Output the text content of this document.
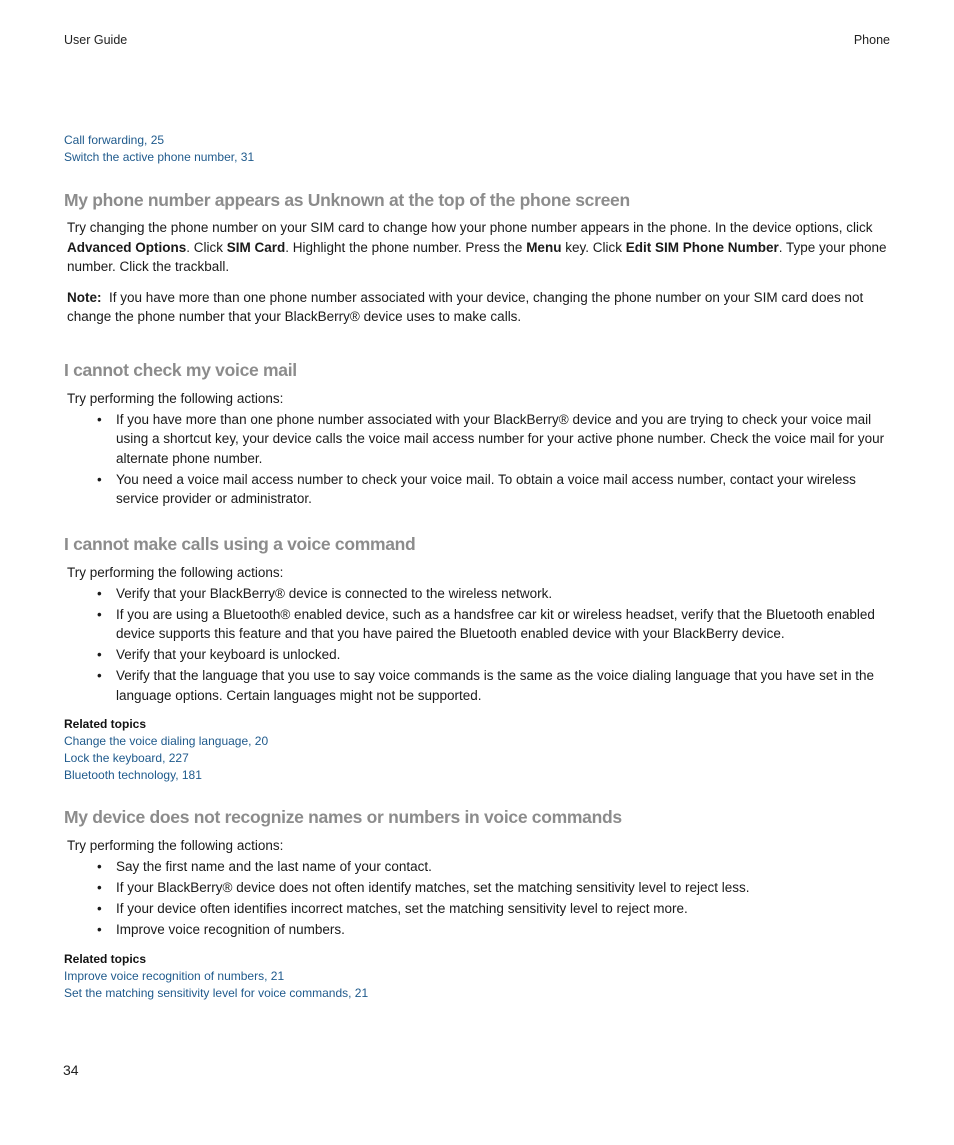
User Guide	Phone
Call forwarding, 25
Switch the active phone number, 31
My phone number appears as Unknown at the top of the phone screen

Try changing the phone number on your SIM card to change how your phone number appears in the phone. In the device options, click Advanced Options. Click SIM Card. Highlight the phone number. Press the Menu key. Click Edit SIM Phone Number. Type your phone number. Click the trackball.

Note:  If you have more than one phone number associated with your device, changing the phone number on your SIM card does not change the phone number that your BlackBerry® device uses to make calls.

I cannot check my voice mail

Try performing the following actions:

• If you have more than one phone number associated with your BlackBerry® device and you are trying to check your voice mail using a shortcut key, your device calls the voice mail access number for your active phone number. Check the voice mail for your alternate phone number.
• You need a voice mail access number to check your voice mail. To obtain a voice mail access number, contact your wireless service provider or administrator.
I cannot make calls using a voice command

Try performing the following actions:

• Verify that your BlackBerry® device is connected to the wireless network.
• If you are using a Bluetooth® enabled device, such as a handsfree car kit or wireless headset, verify that the Bluetooth enabled device supports this feature and that you have paired the Bluetooth enabled device with your BlackBerry device.
• Verify that your keyboard is unlocked.
• Verify that the language that you use to say voice commands is the same as the voice dialing language that you have set in the language options. Certain languages might not be supported.
Related topics
Change the voice dialing language, 20
Lock the keyboard, 227
Bluetooth technology, 181
My device does not recognize names or numbers in voice commands

Try performing the following actions:

• Say the first name and the last name of your contact.
• If your BlackBerry® device does not often identify matches, set the matching sensitivity level to reject less.
• If your device often identifies incorrect matches, set the matching sensitivity level to reject more.
• Improve voice recognition of numbers.
Related topics
Improve voice recognition of numbers, 21
Set the matching sensitivity level for voice commands, 21
34
